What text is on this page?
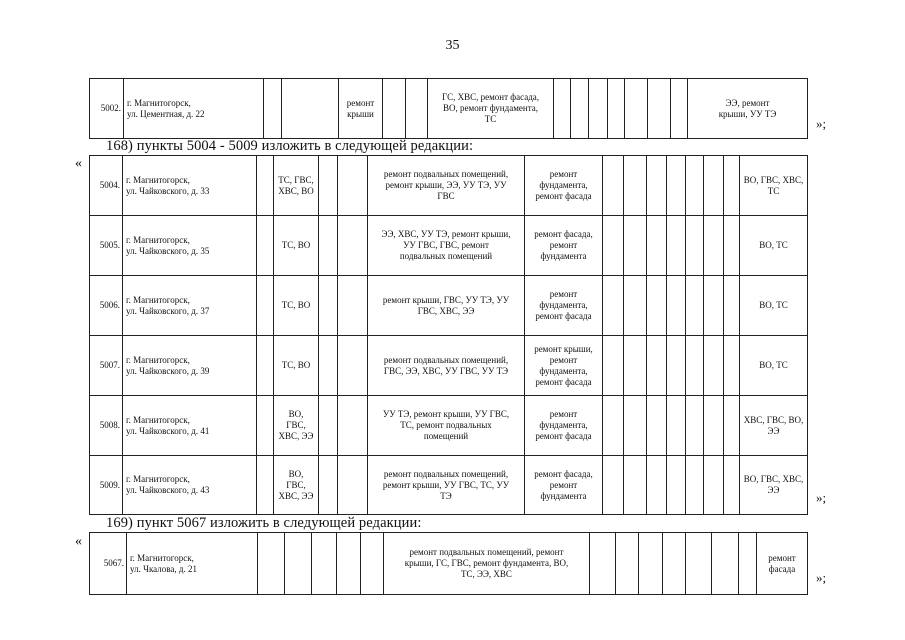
35
5002.	г. Магнитогорск,
ул. Цементная, д. 22			ремонт
крыши			ГС, ХВС, ремонт фасада,
ВО, ремонт фундамента,
ТС								ЭЭ, ремонт
крыши, УУ ТЭ
»;
168) пункты 5004 - 5009 изложить в следующей редакции:
«
5004.	г. Магнитогорск,
ул. Чайковского, д. 33		ТС, ГВС,
ХВС, ВО			ремонт подвальных помещений,
ремонт крыши, ЭЭ, УУ ТЭ, УУ
ГВС	ремонт
фундамента,
ремонт фасада								ВО, ГВС, ХВС,
ТС
5005.	г. Магнитогорск,
ул. Чайковского, д. 35		ТС, ВО			ЭЭ, ХВС, УУ ТЭ, ремонт крыши,
УУ ГВС, ГВС, ремонт
подвальных помещений	ремонт фасада,
ремонт
фундамента								ВО, ТС
5006.	г. Магнитогорск,
ул. Чайковского, д. 37		ТС, ВО			ремонт крыши, ГВС, УУ ТЭ, УУ
ГВС, ХВС, ЭЭ	ремонт
фундамента,
ремонт фасада								ВО, ТС
5007.	г. Магнитогорск,
ул. Чайковского, д. 39		ТС, ВО			ремонт подвальных помещений,
ГВС, ЭЭ, ХВС, УУ ГВС, УУ ТЭ	ремонт крыши,
ремонт
фундамента,
ремонт фасада								ВО, ТС
5008.	г. Магнитогорск,
ул. Чайковского, д. 41		ВО,
ГВС,
ХВС, ЭЭ			УУ ТЭ, ремонт крыши, УУ ГВС,
ТС, ремонт подвальных
помещений	ремонт
фундамента,
ремонт фасада								ХВС, ГВС, ВО,
ЭЭ
5009.	г. Магнитогорск,
ул. Чайковского, д. 43		ВО,
ГВС,
ХВС, ЭЭ			ремонт подвальных помещений,
ремонт крыши, УУ ГВС, ТС, УУ
ТЭ	ремонт фасада,
ремонт
фундамента								ВО, ГВС, ХВС,
ЭЭ	»;
169) пункт 5067 изложить в следующей редакции:
«
5067.	г. Магнитогорск,
ул. Чкалова, д. 21						ремонт подвальных помещений, ремонт
крыши, ГС, ГВС, ремонт фундамента, ВО,
ТС, ЭЭ, ХВС								ремонт фасада
»;
